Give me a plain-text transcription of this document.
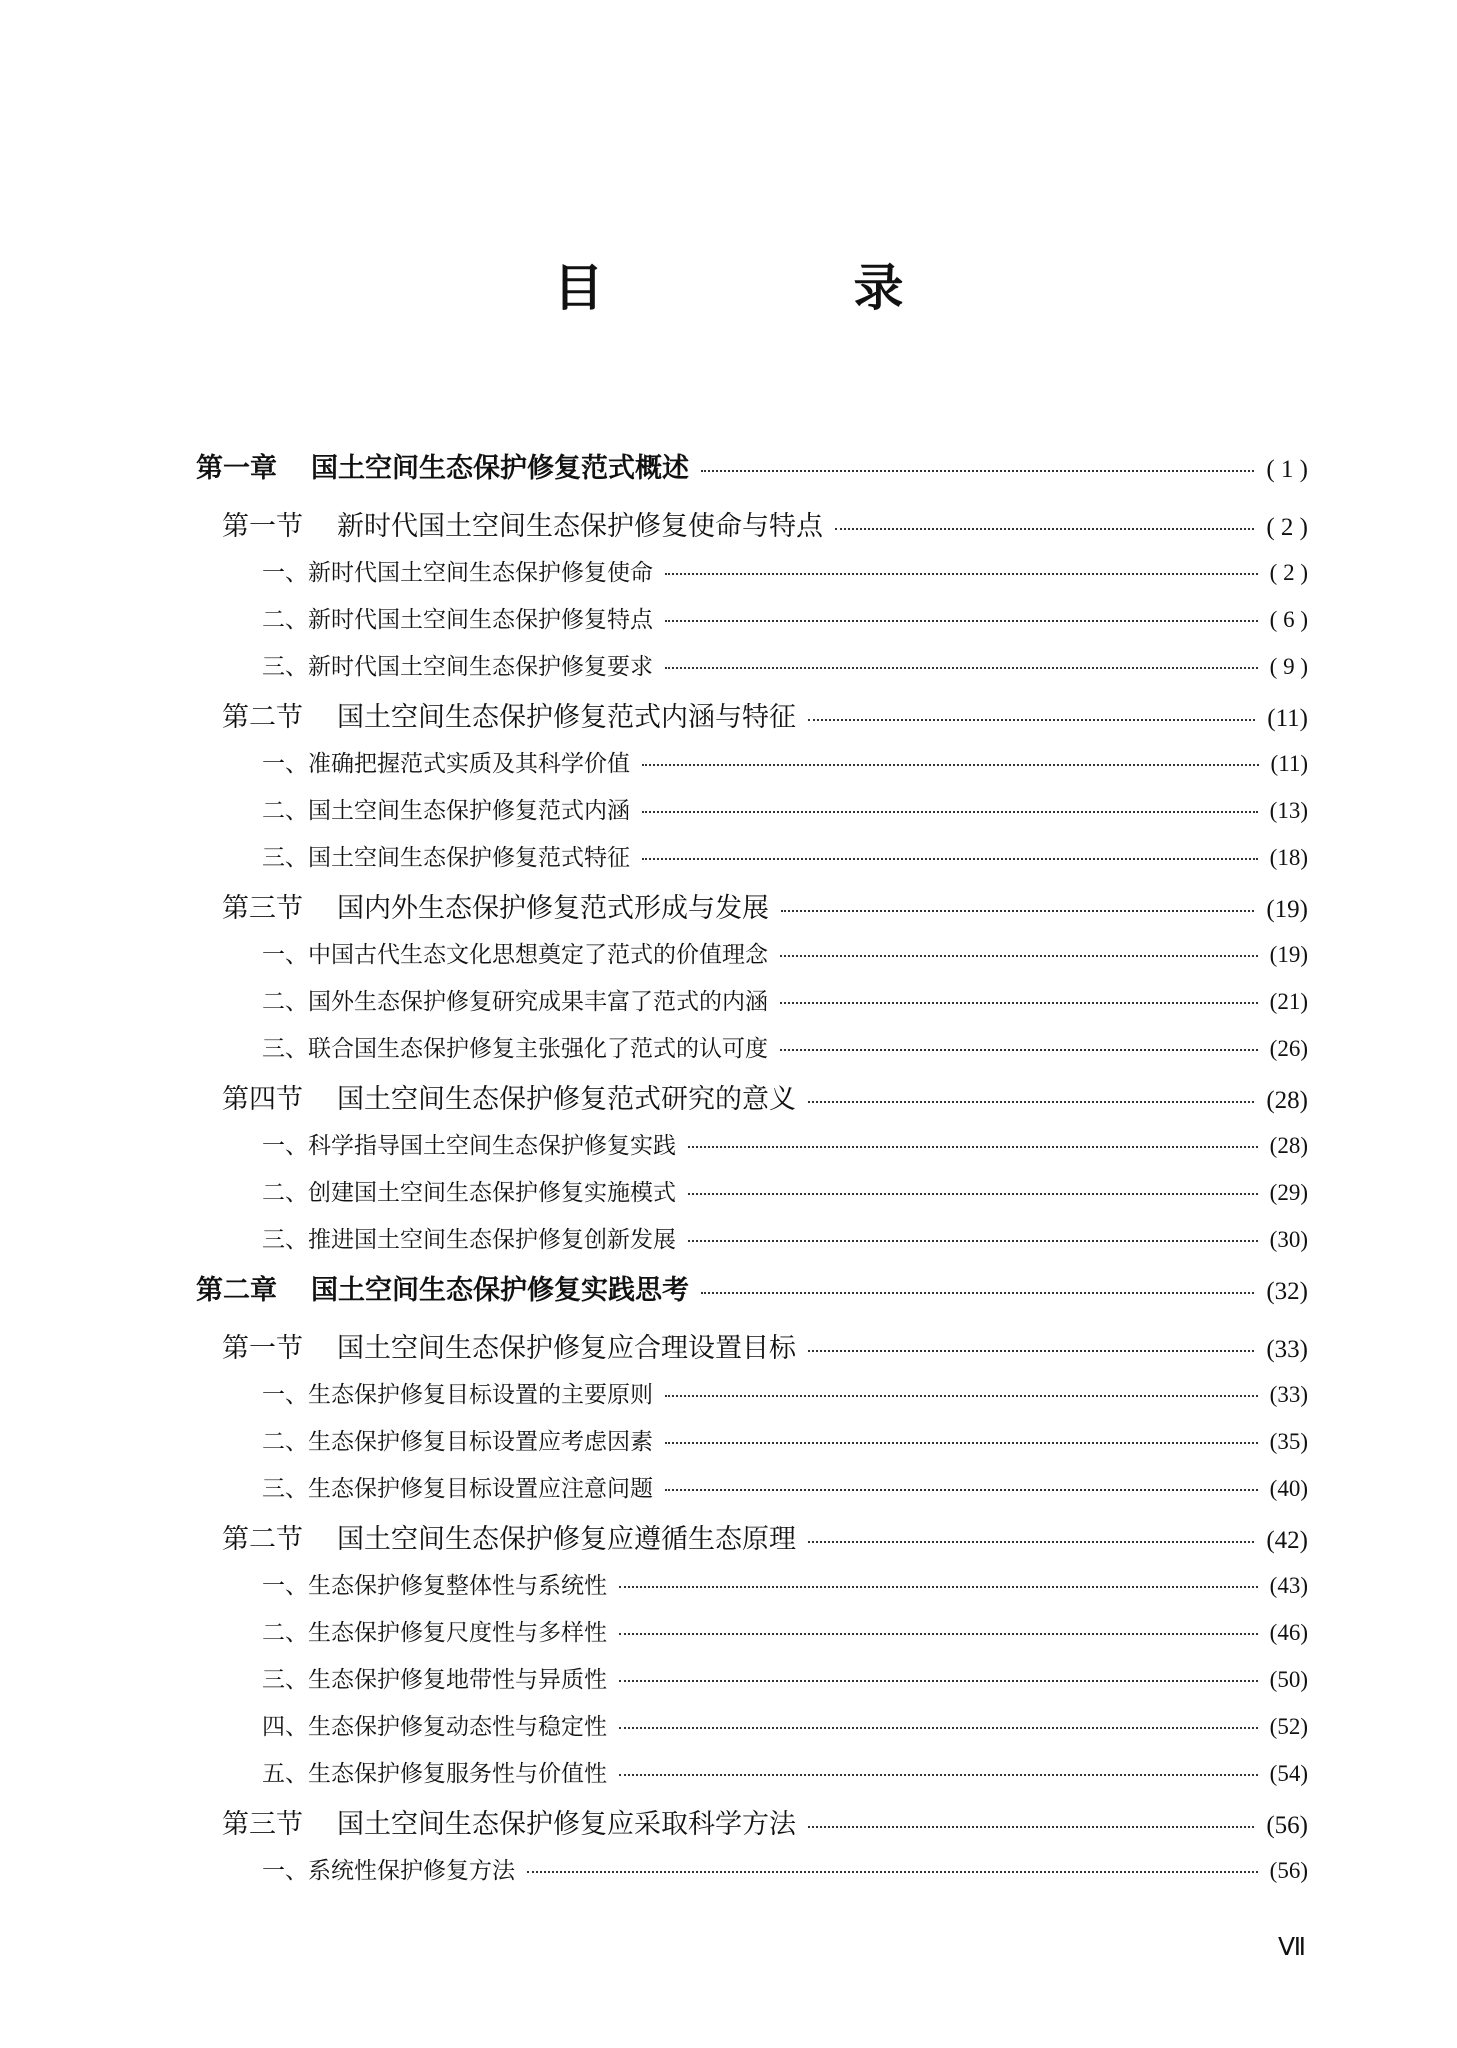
目　录
第一章 国土空间生态保护修复范式概述	( 1 )
第一节 新时代国土空间生态保护修复使命与特点	( 2 )
一、新时代国土空间生态保护修复使命	( 2 )
二、新时代国土空间生态保护修复特点	( 6 )
三、新时代国土空间生态保护修复要求	( 9 )
第二节 国土空间生态保护修复范式内涵与特征	(11)
一、准确把握范式实质及其科学价值	(11)
二、国土空间生态保护修复范式内涵	(13)
三、国土空间生态保护修复范式特征	(18)
第三节 国内外生态保护修复范式形成与发展	(19)
一、中国古代生态文化思想奠定了范式的价值理念	(19)
二、国外生态保护修复研究成果丰富了范式的内涵	(21)
三、联合国生态保护修复主张强化了范式的认可度	(26)
第四节 国土空间生态保护修复范式研究的意义	(28)
一、科学指导国土空间生态保护修复实践	(28)
二、创建国土空间生态保护修复实施模式	(29)
三、推进国土空间生态保护修复创新发展	(30)
第二章 国土空间生态保护修复实践思考	(32)
第一节 国土空间生态保护修复应合理设置目标	(33)
一、生态保护修复目标设置的主要原则	(33)
二、生态保护修复目标设置应考虑因素	(35)
三、生态保护修复目标设置应注意问题	(40)
第二节 国土空间生态保护修复应遵循生态原理	(42)
一、生态保护修复整体性与系统性	(43)
二、生态保护修复尺度性与多样性	(46)
三、生态保护修复地带性与异质性	(50)
四、生态保护修复动态性与稳定性	(52)
五、生态保护修复服务性与价值性	(54)
第三节 国土空间生态保护修复应采取科学方法	(56)
一、系统性保护修复方法	(56)
Ⅶ
